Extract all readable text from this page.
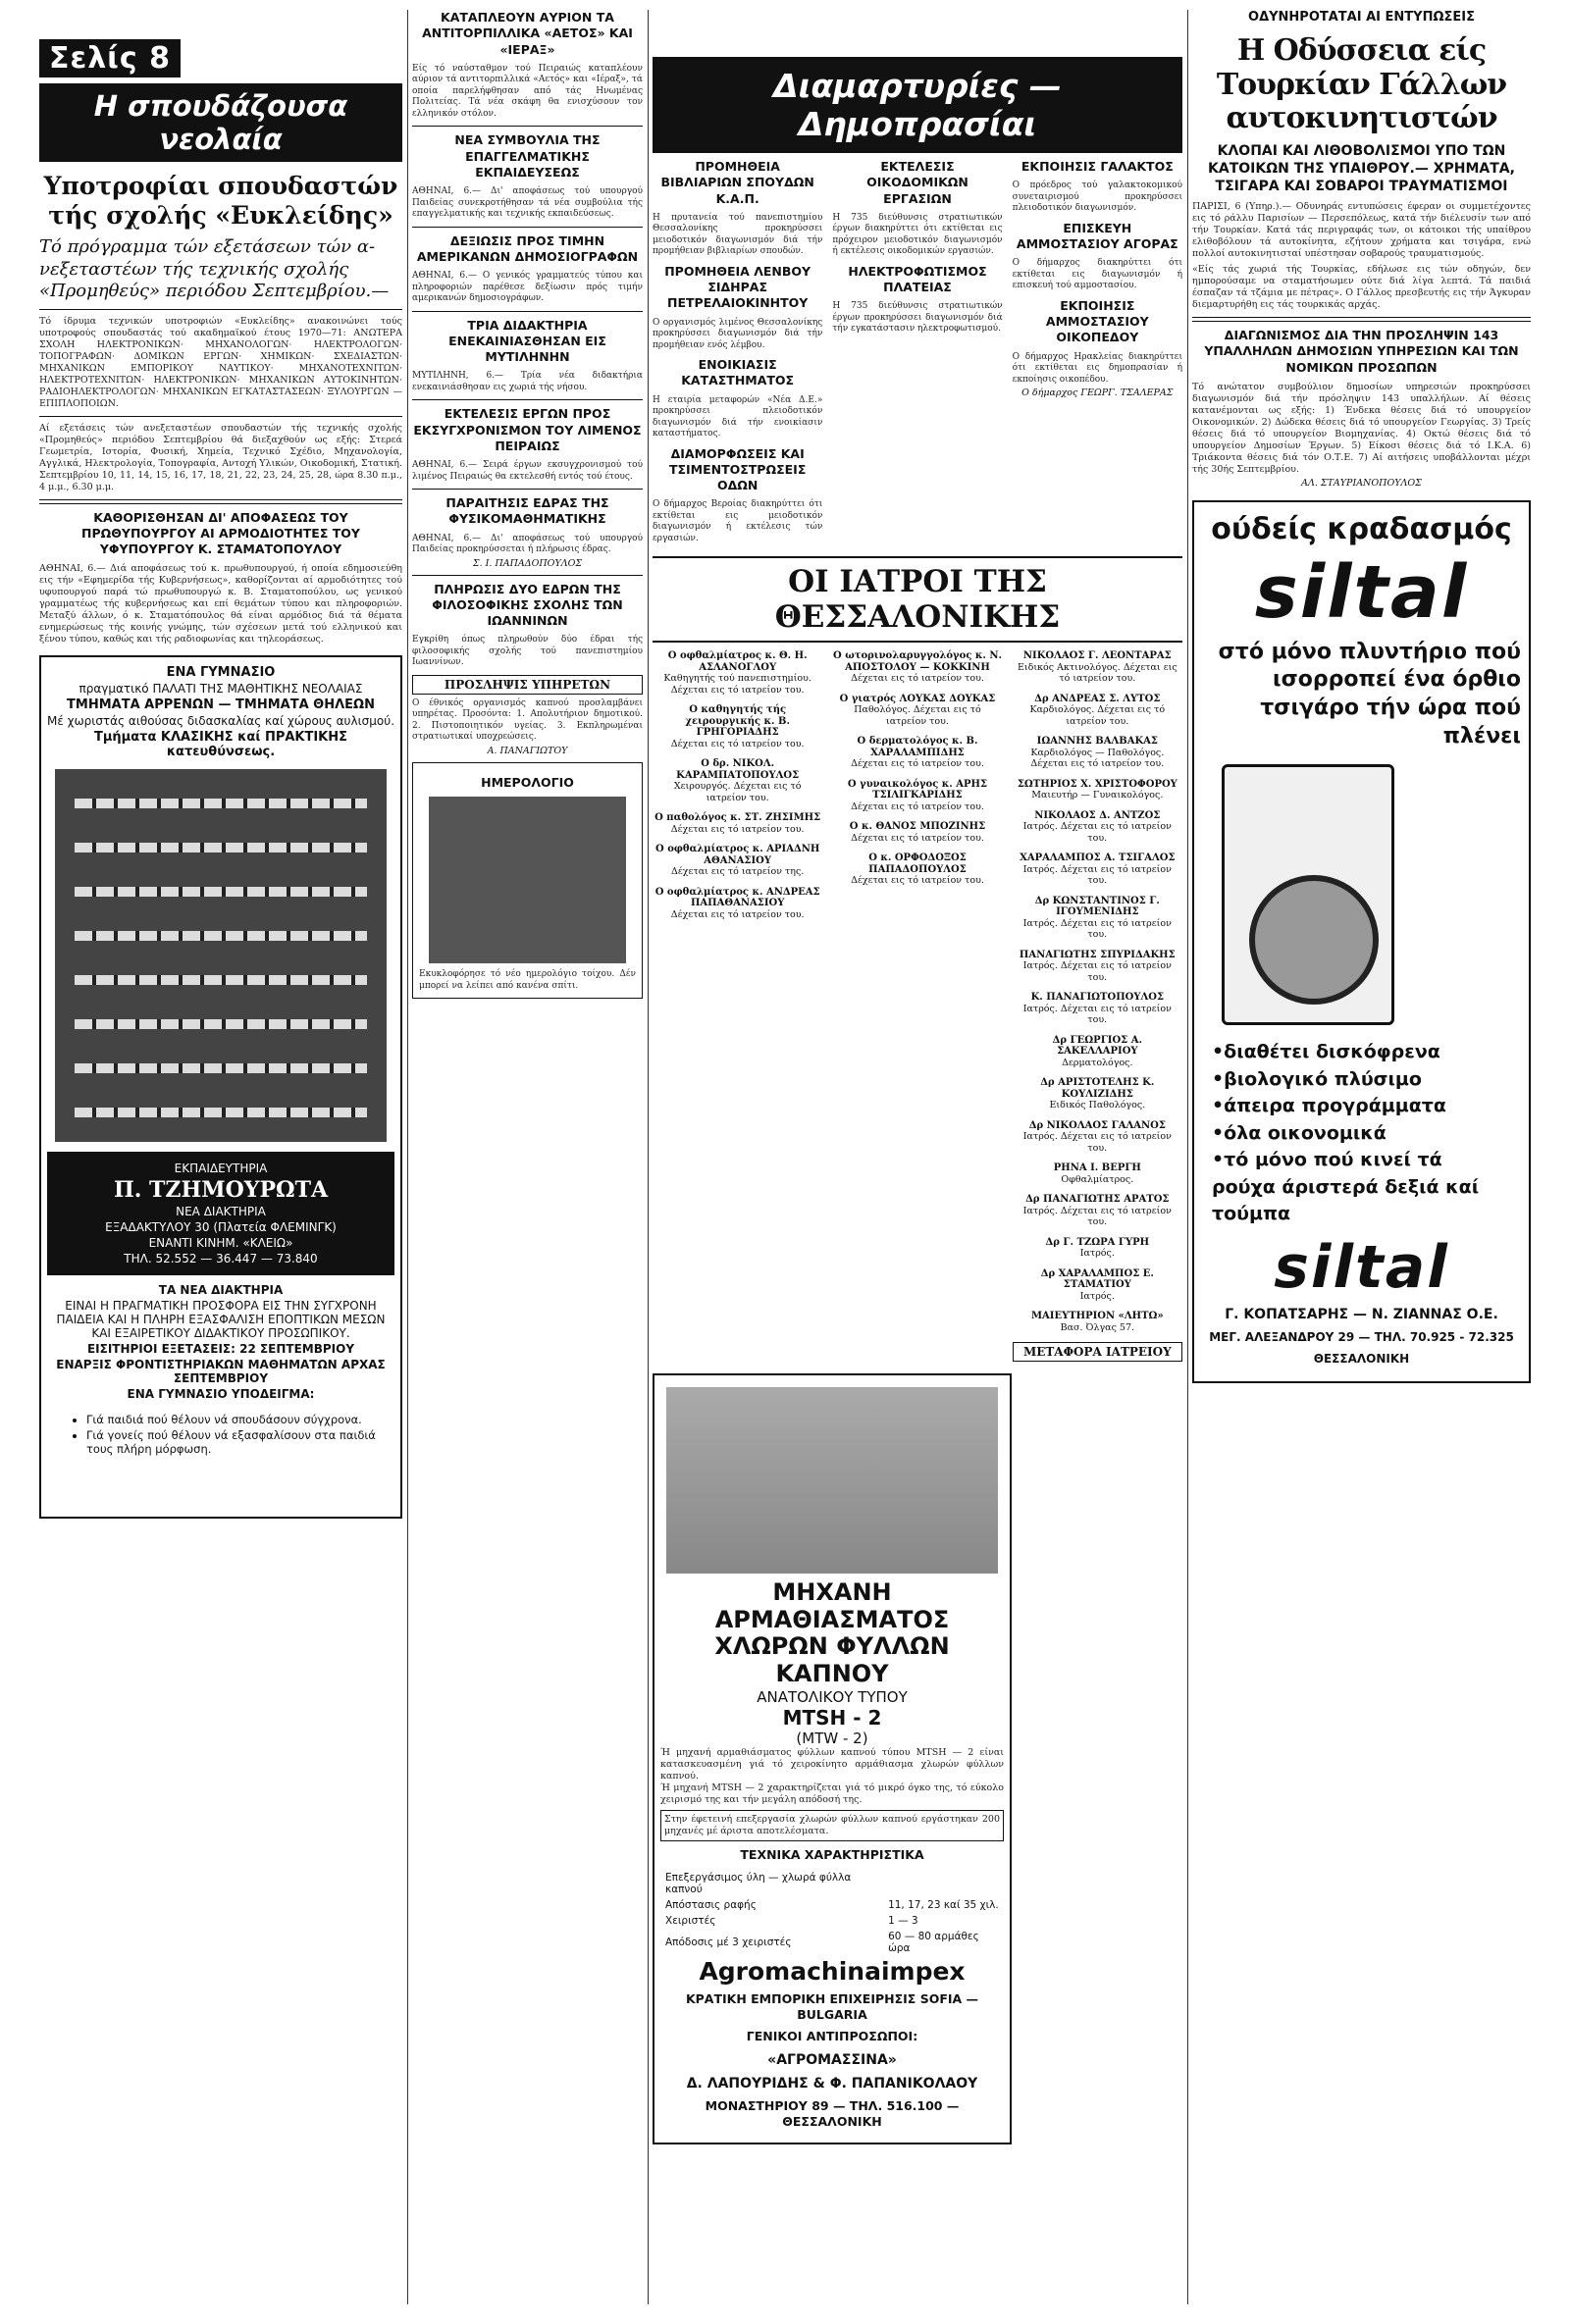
Σελίς 8
Η σπουδάζουσα νεολαία
Υποτροφίαι σπουδαστών τής σχολής «Ευκλείδης»
Τό πρόγραμμα τών εξετάσεων τών α-νεξεταστέων τής τεχνικής σχολής «Προμηθεύς» περιόδου Σεπτεμβρίου.—

Τό ίδρυμα τεχνικών υποτροφιών «Ευκλείδης» ανακοινώνει τούς υποτροφούς σπουδαστάς τού ακαδημαϊκού έτους 1970—71: ΑΝΩΤΕΡΑ ΣΧΟΛΗ ΗΛΕΚΤΡΟΝΙΚΩΝ· ΜΗΧΑΝΟΛΟΓΩΝ· ΗΛΕΚΤΡΟΛΟΓΩΝ· ΤΟΠΟΓΡΑΦΩΝ· ΔΟΜΙΚΩΝ ΕΡΓΩΝ· ΧΗΜΙΚΩΝ· ΣΧΕΔΙΑΣΤΩΝ· ΜΗΧΑΝΙΚΩΝ ΕΜΠΟΡΙΚΟΥ ΝΑΥΤΙΚΟΥ· ΜΗΧΑΝΟΤΕΧΝΙΤΩΝ· ΗΛΕΚΤΡΟΤΕΧΝΙΤΩΝ· ΗΛΕΚΤΡΟΝΙΚΩΝ· ΜΗΧΑΝΙΚΩΝ ΑΥΤΟΚΙΝΗΤΩΝ· ΡΑΔΙΟΗΛΕΚΤΡΟΛΟΓΩΝ· ΜΗΧΑΝΙΚΩΝ ΕΓΚΑΤΑΣΤΑΣΕΩΝ· ΞΥΛΟΥΡΓΩΝ — ΕΠΙΠΛΟΠΟΙΩΝ.

Αί εξετάσεις τών ανεξεταστέων σπουδαστών τής τεχνικής σχολής «Προμηθεύς» περιόδου Σεπτεμβρίου θά διεξαχθούν ως εξής: Στερεά Γεωμετρία, Ιστορία, Φυσική, Χημεία, Τεχνικό Σχέδιο, Μηχανολογία, Αγγλικά, Ηλεκτρολογία, Τοπογραφία, Αντοχή Υλικών, Οικοδομική, Στατική. Σεπτεμβρίου 10, 11, 14, 15, 16, 17, 18, 21, 22, 23, 24, 25, 28, ώρα 8.30 π.μ., 4 μ.μ., 6.30 μ.μ.

ΚΑΘΟΡΙΣΘΗΣΑΝ ΔΙ' ΑΠΟΦΑΣΕΩΣ ΤΟΥ ΠΡΩΘΥΠΟΥΡΓΟΥ ΑΙ ΑΡΜΟΔΙΟΤΗΤΕΣ ΤΟΥ ΥΦΥΠΟΥΡΓΟΥ Κ. ΣΤΑΜΑΤΟΠΟΥΛΟΥ

ΑΘΗΝΑΙ, 6.— Διά αποφάσεως τού κ. πρωθυπουργού, ή οποία εδημοσιεύθη εις τήν «Εφημερίδα τής Κυβερνήσεως», καθορίζονται αί αρμοδιότητες τού υφυπουργού παρά τώ πρωθυπουργώ κ. Β. Σταματοπούλου, ως γενικού γραμματέως τής κυβερνήσεως και επί θεμάτων τύπου και πληροφοριών. Μεταξύ άλλων, ό κ. Σταματόπουλος θά είναι αρμόδιος διά τά θέματα ενημερώσεως τής κοινής γνώμης, τών σχέσεων μετά τού ελληνικού και ξένου τύπου, καθώς και τής ραδιοφωνίας και τηλεοράσεως.

ΕΝΑ ΓΥΜΝΑΣΙΟ

πραγματικό ΠΑΛΑΤΙ ΤΗΣ ΜΑΘΗΤΙΚΗΣ ΝΕΟΛΑΙΑΣ

ΤΜΗΜΑΤΑ ΑΡΡΕΝΩΝ — ΤΜΗΜΑΤΑ ΘΗΛΕΩΝ

Μέ χωριστάς αιθούσας διδασκαλίας καί χώρους αυλισμού.

Τμήματα ΚΛΑΣΙΚΗΣ καί ΠΡΑΚΤΙΚΗΣ κατευθύνσεως.

ΕΚΠΑΙΔΕΥΤΗΡΙΑ

Π. ΤΖΗΜΟΥΡΩΤΑ

ΝΕΑ ΔΙΑΚΤΗΡΙΑ

ΕΞΑΔΑΚΤΥΛΟΥ 30 (Πλατεία ΦΛΕΜΙΝΓΚ)

ΕΝΑΝΤΙ ΚΙΝΗΜ. «ΚΛΕΙΩ»

ΤΗΛ. 52.552 — 36.447 — 73.840

ΤΑ ΝΕΑ ΔΙΑΚΤΗΡΙΑ

ΕΙΝΑΙ Η ΠΡΑΓΜΑΤΙΚΗ ΠΡΟΣΦΟΡΑ ΕΙΣ ΤΗΝ ΣΥΓΧΡΟΝΗ ΠΑΙΔΕΙΑ ΚΑΙ Η ΠΛΗΡΗ ΕΞΑΣΦΑΛΙΣΗ ΕΠΟΠΤΙΚΩΝ ΜΕΣΩΝ ΚΑΙ ΕΞΑΙΡΕΤΙΚΟΥ ΔΙΔΑΚΤΙΚΟΥ ΠΡΟΣΩΠΙΚΟΥ.

ΕΙΣΙΤΗΡΙΟΙ ΕΞΕΤΑΣΕΙΣ: 22 ΣΕΠΤΕΜΒΡΙΟΥ

ΕΝΑΡΞΙΣ ΦΡΟΝΤΙΣΤΗΡΙΑΚΩΝ ΜΑΘΗΜΑΤΩΝ ΑΡΧΑΣ ΣΕΠΤΕΜΒΡΙΟΥ

ΕΝΑ ΓΥΜΝΑΣΙΟ ΥΠΟΔΕΙΓΜΑ:

• Γιά παιδιά πού θέλουν νά σπουδάσουν σύγχρονα.
• Γιά γονείς πού θέλουν νά εξασφαλίσουν στα παιδιά τους πλήρη μόρφωση.
ΚΑΤΑΠΛΕΟΥΝ ΑΥΡΙΟΝ ΤΑ ΑΝΤΙΤΟΡΠΙΛΛΙΚΑ «ΑΕΤΟΣ» ΚΑΙ «ΙΕΡΑΞ»

Είς τό ναύσταθμον τού Πειραιώς καταπλέουν αύριον τά αντιτορπιλλικά «Αετός» και «Ιέραξ», τά οποία παρελήφθησαν από τάς Ηνωμένας Πολιτείας. Τά νέα σκάφη θα ενισχύσουν τον ελληνικόν στόλον.

ΝΕΑ ΣΥΜΒΟΥΛΙΑ ΤΗΣ ΕΠΑΓΓΕΛΜΑΤΙΚΗΣ ΕΚΠΑΙΔΕΥΣΕΩΣ

ΑΘΗΝΑΙ, 6.— Δι' αποφάσεως τού υπουργού Παιδείας συνεκροτήθησαν τά νέα συμβούλια τής επαγγελματικής και τεχνικής εκπαιδεύσεως.

ΔΕΞΙΩΣΙΣ ΠΡΟΣ ΤΙΜΗΝ ΑΜΕΡΙΚΑΝΩΝ ΔΗΜΟΣΙΟΓΡΑΦΩΝ

ΑΘΗΝΑΙ, 6.— Ο γενικός γραμματεύς τύπου και πληροφοριών παρέθεσε δεξίωσιν πρός τιμήν αμερικανών δημοσιογράφων.

ΤΡΙΑ ΔΙΔΑΚΤΗΡΙΑ ΕΝΕΚΑΙΝΙΑΣΘΗΣΑΝ ΕΙΣ ΜΥΤΙΛΗΝΗΝ

ΜΥΤΙΛΗΝΗ, 6.— Τρία νέα διδακτήρια ενεκαινιάσθησαν εις χωριά τής νήσου.

ΕΚΤΕΛΕΣΙΣ ΕΡΓΩΝ ΠΡΟΣ ΕΚΣΥΓΧΡΟΝΙΣΜΟΝ ΤΟΥ ΛΙΜΕΝΟΣ ΠΕΙΡΑΙΩΣ

ΑΘΗΝΑΙ, 6.— Σειρά έργων εκσυγχρονισμού τού λιμένος Πειραιώς θα εκτελεσθή εντός τού έτους.

ΠΑΡΑΙΤΗΣΙΣ ΕΔΡΑΣ ΤΗΣ ΦΥΣΙΚΟΜΑΘΗΜΑΤΙΚΗΣ

ΑΘΗΝΑΙ, 6.— Δι' αποφάσεως τού υπουργού Παιδείας προκηρύσσεται ή πλήρωσις έδρας.

Σ. Ι. ΠΑΠΑΔΟΠΟΥΛΟΣ
ΠΛΗΡΩΣΙΣ ΔΥΟ ΕΔΡΩΝ ΤΗΣ ΦΙΛΟΣΟΦΙΚΗΣ ΣΧΟΛΗΣ ΤΩΝ ΙΩΑΝΝΙΝΩΝ

Εγκρίθη όπως πληρωθούν δύο έδραι τής φιλοσοφικής σχολής τού πανεπιστημίου Ιωαννίνων.

ΠΡΟΣΛΗΨΙΣ ΥΠΗΡΕΤΩΝ

Ο έθνικός οργανισμός καπνού προσλαμβάνει υπηρέτας. Προσόντα: 1. Απολυτήριον δημοτικού. 2. Πιστοποιητικόν υγείας. 3. Εκπληρωμέναι στρατιωτικαί υποχρεώσεις.

Α. ΠΑΝΑΓΙΩΤΟΥ
ΗΜΕΡΟΛΟΓΙΟ

Εκυκλοφόρησε τό νέο ημερολόγιο τοίχου. Δέν μπορεί να λείπει από κανένα σπίτι.

Διαμαρτυρίες — Δημοπρασίαι
ΠΡΟΜΗΘΕΙΑ ΒΙΒΛΙΑΡΙΩΝ ΣΠΟΥΔΩΝ Κ.Α.Π.

Η πρυτανεία τού πανεπιστημίου Θεσσαλονίκης προκηρύσσει μειοδοτικόν διαγωνισμόν διά τήν προμήθειαν βιβλιαρίων σπουδών.

ΠΡΟΜΗΘΕΙΑ ΛΕΝΒΟΥ ΣΙΔΗΡΑΣ ΠΕΤΡΕΛΑΙΟΚΙΝΗΤΟΥ

Ο οργανισμός λιμένος Θεσσαλονίκης προκηρύσσει διαγωνισμόν διά τήν προμήθειαν ενός λέμβου.

ΕΝΟΙΚΙΑΣΙΣ ΚΑΤΑΣΤΗΜΑΤΟΣ

Η εταιρία μεταφορών «Νέα Δ.Ε.» προκηρύσσει πλειοδοτικόν διαγωνισμόν διά τήν ενοικίασιν καταστήματος.

ΔΙΑΜΟΡΦΩΣΕΙΣ ΚΑΙ ΤΣΙΜΕΝΤΟΣΤΡΩΣΕΙΣ ΟΔΩΝ

Ο δήμαρχος Βεροίας διακηρύττει ότι εκτίθεται εις μειοδοτικόν διαγωνισμόν ή εκτέλεσις τών εργασιών.

ΕΚΤΕΛΕΣΙΣ ΟΙΚΟΔΟΜΙΚΩΝ ΕΡΓΑΣΙΩΝ

Η 735 διεύθυνσις στρατιωτικών έργων διακηρύττει ότι εκτίθεται εις πρόχειρον μειοδοτικόν διαγωνισμόν ή εκτέλεσις οικοδομικών εργασιών.

ΗΛΕΚΤΡΟΦΩΤΙΣΜΟΣ ΠΛΑΤΕΙΑΣ

Η 735 διεύθυνσις στρατιωτικών έργων προκηρύσσει διαγωνισμόν διά τήν εγκατάστασιν ηλεκτροφωτισμού.

ΕΚΠΟΙΗΣΙΣ ΓΑΛΑΚΤΟΣ

Ο πρόεδρος τού γαλακτοκομικού συνεταιρισμού προκηρύσσει πλειοδοτικόν διαγωνισμόν.

ΕΠΙΣΚΕΥΗ ΑΜΜΟΣΤΑΣΙΟΥ ΑΓΟΡΑΣ

Ο δήμαρχος διακηρύττει ότι εκτίθεται εις διαγωνισμόν ή επισκευή τού αμμοστασίου.

ΕΚΠΟΙΗΣΙΣ ΑΜΜΟΣΤΑΣΙΟΥ ΟΙΚΟΠΕΔΟΥ

Ο δήμαρχος Ηρακλείας διακηρύττει ότι εκτίθεται εις δημοπρασίαν ή εκποίησις οικοπέδου.

Ο δήμαρχος ΓΕΩΡΓ. ΤΣΑΛΕΡΑΣ
ΟΙ ΙΑΤΡΟΙ ΤΗΣ ΘΕΣΣΑΛΟΝΙΚΗΣ
Ο οφθαλμίατρος κ. Θ. Η. ΑΣΛΑΝΟΓΛΟΥ
Καθηγητής τού πανεπιστημίου. Δέχεται εις τό ιατρείον του.
Ο καθηγητής τής χειρουργικής κ. Β. ΓΡΗΓΟΡΙΑΔΗΣ
Δέχεται εις τό ιατρείον του.
Ο δρ. ΝΙΚΟΛ. ΚΑΡΑΜΠΑΤΟΠΟΥΛΟΣ
Χειρουργός. Δέχεται εις τό ιατρείον του.
Ο παθολόγος κ. ΣΤ. ΖΗΣΙΜΗΣ
Δέχεται εις τό ιατρείον του.
Ο οφθαλμίατρος κ. ΑΡΙΑΔΝΗ ΑΘΑΝΑΣΙΟΥ
Δέχεται εις τό ιατρείον της.
Ο οφθαλμίατρος κ. ΑΝΔΡΕΑΣ ΠΑΠΑΘΑΝΑΣΙΟΥ
Δέχεται εις τό ιατρείον του.
Ο ωτορινολαρυγγολόγος κ. Ν. ΑΠΟΣΤΟΛΟΥ — ΚΟΚΚΙΝΗ
Δέχεται εις τό ιατρείον του.
Ο γιατρός ΛΟΥΚΑΣ ΔΟΥΚΑΣ
Παθολόγος. Δέχεται εις τό ιατρείον του.
Ο δερματολόγος κ. Β. ΧΑΡΑΛΑΜΠΙΔΗΣ
Δέχεται εις τό ιατρείον του.
Ο γυναικολόγος κ. ΑΡΗΣ ΤΣΙΛΙΓΚΑΡΙΔΗΣ
Δέχεται εις τό ιατρείον του.
Ο κ. ΘΑΝΟΣ ΜΠΟΖΙΝΗΣ
Δέχεται εις τό ιατρείον του.
Ο κ. ΟΡΦΟΔΟΞΟΣ ΠΑΠΑΔΟΠΟΥΛΟΣ
Δέχεται εις τό ιατρείον του.
ΝΙΚΟΛΑΟΣ Γ. ΛΕΟΝΤΑΡΑΣ
Ειδικός Ακτινολόγος. Δέχεται εις τό ιατρείον του.
Δρ ΑΝΔΡΕΑΣ Σ. ΛΥΤΟΣ
Καρδιολόγος. Δέχεται εις τό ιατρείον του.
ΙΩΑΝΝΗΣ ΒΑΛΒΑΚΑΣ
Καρδιολόγος — Παθολόγος. Δέχεται εις τό ιατρείον του.
ΣΩΤΗΡΙΟΣ Χ. ΧΡΙΣΤΟΦΟΡΟΥ
Μαιευτήρ — Γυναικολόγος.
ΝΙΚΟΛΑΟΣ Δ. ΑΝΤΖΟΣ
Ιατρός. Δέχεται εις τό ιατρείον του.
ΧΑΡΑΛΑΜΠΟΣ Α. ΤΣΙΓΑΛΟΣ
Ιατρός. Δέχεται εις τό ιατρείον του.
Δρ ΚΩΝΣΤΑΝΤΙΝΟΣ Γ. ΙΓΟΥΜΕΝΙΔΗΣ
Ιατρός. Δέχεται εις τό ιατρείον του.
ΠΑΝΑΓΙΩΤΗΣ ΣΠΥΡΙΔΑΚΗΣ
Ιατρός. Δέχεται εις τό ιατρείον του.
Κ. ΠΑΝΑΓΙΩΤΟΠΟΥΛΟΣ
Ιατρός. Δέχεται εις τό ιατρείον του.
Δρ ΓΕΩΡΓΙΟΣ Α. ΣΑΚΕΛΛΑΡΙΟΥ
Δερματολόγος.
Δρ ΑΡΙΣΤΟΤΕΛΗΣ Κ. ΚΟΥΛΙΖΙΔΗΣ
Ειδικός Παθολόγος.
Δρ ΝΙΚΟΛΑΟΣ ΓΑΛΑΝΟΣ
Ιατρός. Δέχεται εις τό ιατρείον του.
ΡΗΝΑ Ι. ΒΕΡΓΗ
Οφθαλμίατρος.
Δρ ΠΑΝΑΓΙΩΤΗΣ ΑΡΑΤΟΣ
Ιατρός. Δέχεται εις τό ιατρείον του.
Δρ Γ. ΤΖΩΡΑ ΓΥΡΗ
Ιατρός.
Δρ ΧΑΡΑΛΑΜΠΟΣ Ε. ΣΤΑΜΑΤΙΟΥ
Ιατρός.
ΜΑΙΕΥΤΗΡΙΟΝ «ΛΗΤΩ»
Βασ. Όλγας 57.
ΜΕΤΑΦΟΡΑ ΙΑΤΡΕΙΟΥ
ΜΗΧΑΝΗ ΑΡΜΑΘΙΑΣΜΑΤΟΣ ΧΛΩΡΩΝ ΦΥΛΛΩΝ ΚΑΠΝΟΥ
ΑΝΑΤΟΛΙΚΟΥ ΤΥΠΟΥ
MTSH - 2
(MTW - 2)

Ή μηχανή αρμαθιάσματος φύλλων καπνού τύπου MTSH — 2 είναι κατασκευασμένη γιά τό χειροκίνητο αρμάθιασμα χλωρών φύλλων καπνού.

Ή μηχανή MTSH — 2 χαρακτηρίζεται γιά τό μικρό όγκο της, τό εύκολο χειρισμό της και τήν μεγάλη απόδοσή της.

Στην έφετεινή επεξεργασία χλωρών φύλλων καπνού εργάστηκαν 200 μηχανές μέ άριστα αποτελέσματα.

ΤΕΧΝΙΚΑ ΧΑΡΑΚΤΗΡΙΣΤΙΚΑ
Επεξεργάσιμος ύλη — χλωρά φύλλα καπνού	
Απόστασις ραφής	11, 17, 23 καί 35 χιλ.
Χειριστές	1 — 3
Απόδοσις μέ 3 χειριστές	60 — 80 αρμάθες ώρα
Agromachinaimpex
ΚΡΑΤΙΚΗ ΕΜΠΟΡΙΚΗ ΕΠΙΧΕΙΡΗΣΙΣ SOFIA — BULGARIA
ΓΕΝΙΚΟΙ ΑΝΤΙΠΡΟΣΩΠΟΙ:
«ΑΓΡΟΜΑΣΣΙΝΑ»
Δ. ΛΑΠΟΥΡΙΔΗΣ & Φ. ΠΑΠΑΝΙΚΟΛΑΟΥ
ΜΟΝΑΣΤΗΡΙΟΥ 89 — ΤΗΛ. 516.100 — ΘΕΣΣΑΛΟΝΙΚΗ
ΟΔΥΝΗΡΟΤΑΤΑΙ ΑΙ ΕΝΤΥΠΩΣΕΙΣ
Η Οδύσσεια είς Τουρκίαν Γάλλων αυτοκινητιστών
ΚΛΟΠΑΙ ΚΑΙ ΛΙΘΟΒΟΛΙΣΜΟΙ ΥΠΟ ΤΩΝ ΚΑΤΟΙΚΩΝ ΤΗΣ ΥΠΑΙΘΡΟΥ.— ΧΡΗΜΑΤΑ, ΤΣΙΓΑΡΑ ΚΑΙ ΣΟΒΑΡΟΙ ΤΡΑΥΜΑΤΙΣΜΟΙ

ΠΑΡΙΣΙ, 6 (Υπηρ.).— Οδυνηράς εντυπώσεις έφεραν οι συμμετέχοντες εις τό ράλλυ Παρισίων — Περσεπόλεως, κατά τήν διέλευσίν των από τήν Τουρκίαν. Κατά τάς περιγραφάς των, οι κάτοικοι τής υπαίθρου ελιθοβόλουν τά αυτοκίνητα, εζήτουν χρήματα και τσιγάρα, ενώ πολλοί αυτοκινητισταί υπέστησαν σοβαρούς τραυματισμούς.

«Είς τάς χωριά τής Τουρκίας, εδήλωσε εις τών οδηγών, δεν ημπορούσαμε να σταματήσωμεν ούτε διά λίγα λεπτά. Τά παιδιά έσπαζαν τά τζάμια με πέτρας». Ο Γάλλος πρεσβευτής εις τήν Άγκυραν διεμαρτυρήθη εις τάς τουρκικάς αρχάς.

ΔΙΑΓΩΝΙΣΜΟΣ ΔΙΑ ΤΗΝ ΠΡΟΣΛΗΨΙΝ 143 ΥΠΑΛΛΗΛΩΝ ΔΗΜΟΣΙΩΝ ΥΠΗΡΕΣΙΩΝ ΚΑΙ ΤΩΝ ΝΟΜΙΚΩΝ ΠΡΟΣΩΠΩΝ

Τό ανώτατον συμβούλιον δημοσίων υπηρεσιών προκηρύσσει διαγωνισμόν διά τήν πρόσληψιν 143 υπαλλήλων. Αί θέσεις κατανέμονται ως εξής: 1) Ένδεκα θέσεις διά τό υπουργείον Οικονομικών. 2) Δώδεκα θέσεις διά τό υπουργείον Γεωργίας. 3) Τρείς θέσεις διά τό υπουργείον Βιομηχανίας. 4) Οκτώ θέσεις διά τό υπουργείον Δημοσίων Έργων. 5) Είκοσι θέσεις διά τό Ι.Κ.Α. 6) Τριάκοντα θέσεις διά τόν Ο.Τ.Ε. 7) Αί αιτήσεις υποβάλλονται μέχρι τής 30ής Σεπτεμβρίου.

ΑΛ. ΣΤΑΥΡΙΑΝΟΠΟΥΛΟΣ
ούδείς κραδασμός
siltal
στό μόνο πλυντήριο πού ισορροπεί ένα όρθιο τσιγάρο τήν ώρα πού πλένει
•διαθέτει δισκόφρενα
•βιολογικό πλύσιμο
•άπειρα προγράμματα
•όλα οικονομικά
•τό μόνο πού κινεί τά ρούχα άριστερά δεξιά καί τούμπα
siltal
Γ. ΚΟΠΑΤΣΑΡΗΣ — Ν. ΖΙΑΝΝΑΣ Ο.Ε.
ΜΕΓ. ΑΛΕΞΑΝΔΡΟΥ 29 — ΤΗΛ. 70.925 - 72.325
ΘΕΣΣΑΛΟΝΙΚΗ
